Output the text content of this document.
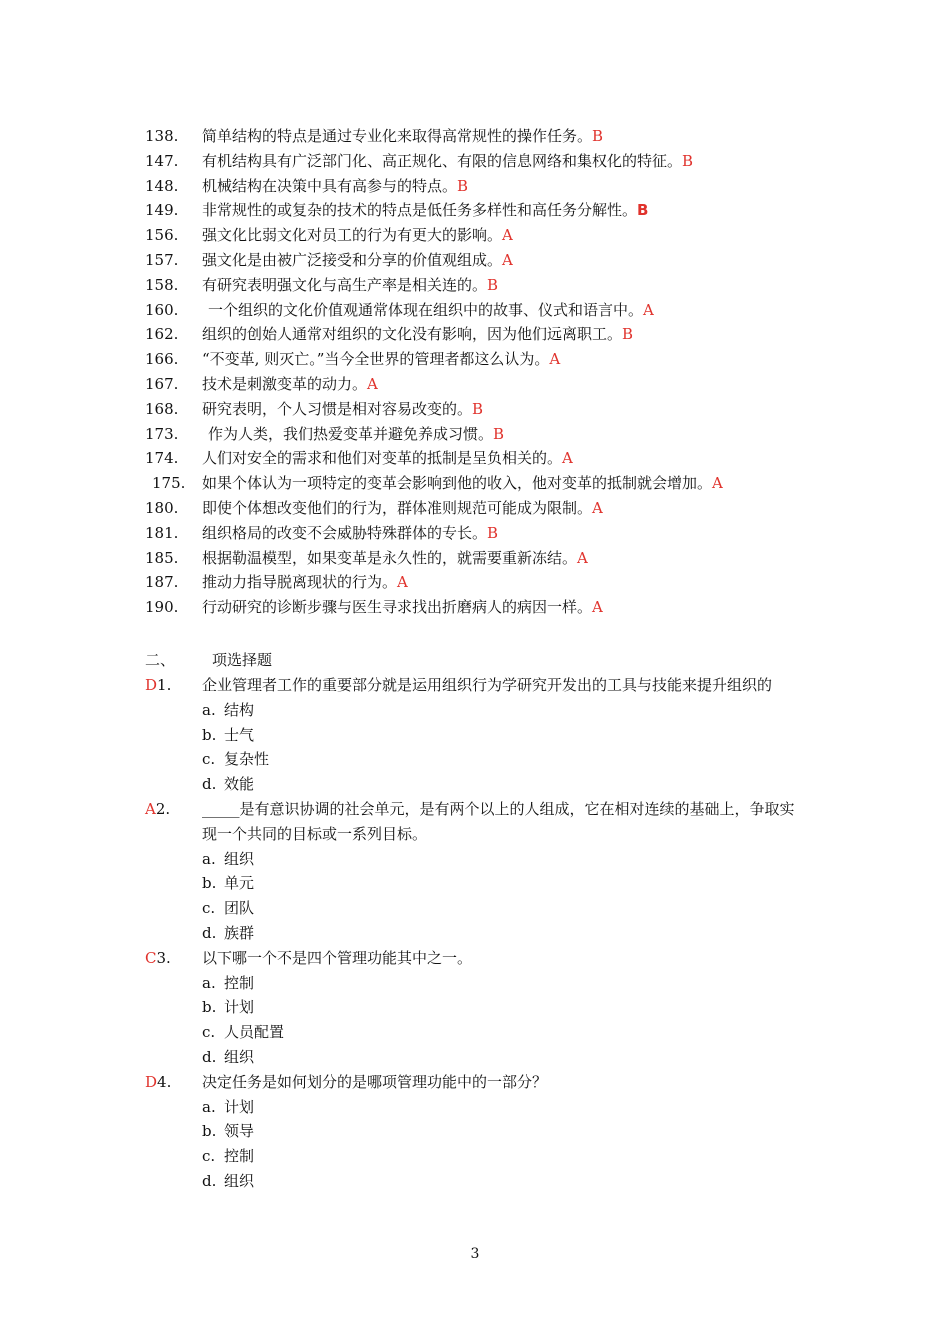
138. 简单结构的特点是通过专业化来取得高常规性的操作任务。B
147. 有机结构具有广泛部门化、高正规化、有限的信息网络和集权化的特征。B
148. 机械结构在决策中具有高参与的特点。B
149. 非常规性的或复杂的技术的特点是低任务多样性和高任务分解性。B
156. 强文化比弱文化对员工的行为有更大的影响。A
157. 强文化是由被广泛接受和分享的价值观组成。A
158. 有研究表明强文化与高生产率是相关连的。B
160. 一个组织的文化价值观通常体现在组织中的故事、仪式和语言中。A
162. 组织的创始人通常对组织的文化没有影响，因为他们远离职工。B
166. “不变革, 则灭亡。”当今全世界的管理者都这么认为。A
167. 技术是刺激变革的动力。A
168. 研究表明，个人习惯是相对容易改变的。B
173. 作为人类，我们热爱变革并避免养成习惯。B
174. 人们对安全的需求和他们对变革的抵制是呈负相关的。A
175. 如果个体认为一项特定的变革会影响到他的收入，他对变革的抵制就会增加。A
180. 即使个体想改变他们的行为，群体准则规范可能成为限制。A
181. 组织格局的改变不会威胁特殊群体的专长。B
185. 根据勒温模型，如果变革是永久性的，就需要重新冻结。A
187. 推动力指导脱离现状的行为。A
190. 行动研究的诊断步骤与医生寻求找出折磨病人的病因一样。A
二、 项选择题
D1. 企业管理者工作的重要部分就是运用组织行为学研究开发出的工具与技能来提升组织的
a. 结构
b. 士气
c. 复杂性
d. 效能
A2. _____是有意识协调的社会单元，是有两个以上的人组成，它在相对连续的基础上，争取实现一个共同的目标或一系列目标。
a. 组织
b. 单元
c. 团队
d. 族群
C3. 以下哪一个不是四个管理功能其中之一。
a. 控制
b. 计划
c. 人员配置
d. 组织
D4. 决定任务是如何划分的是哪项管理功能中的一部分？
a. 计划
b. 领导
c. 控制
d. 组织
3
